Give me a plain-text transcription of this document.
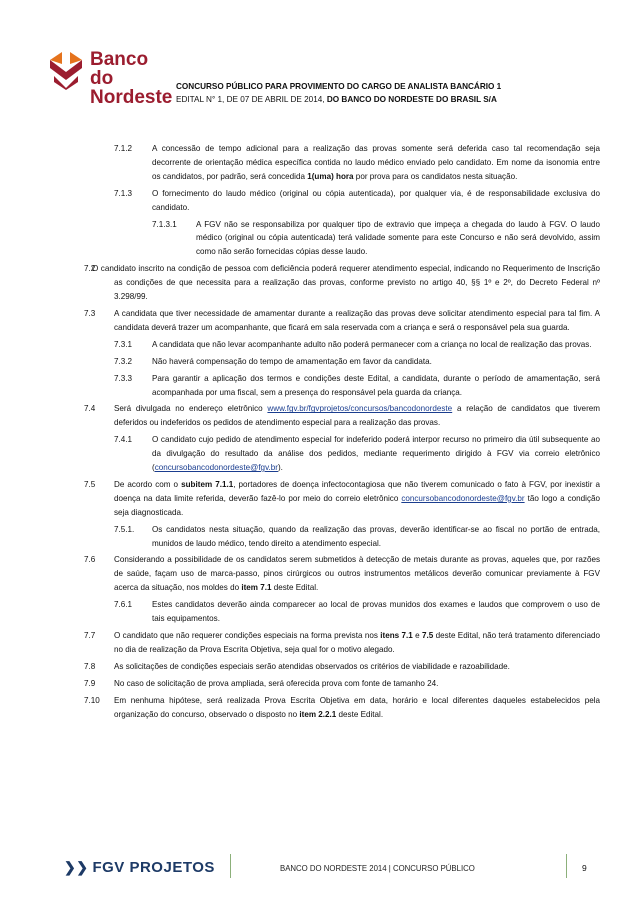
Banco do
Nordeste
CONCURSO PÚBLICO PARA PROVIMENTO DO CARGO DE ANALISTA BANCÁRIO 1
EDITAL N° 1, DE 07 DE ABRIL DE 2014, DO BANCO DO NORDESTE DO BRASIL S/A
7.1.2	A concessão de tempo adicional para a realização das provas somente será deferida caso tal recomendação seja decorrente de orientação médica específica contida no laudo médico enviado pelo candidato. Em nome da isonomia entre os candidatos, por padrão, será concedida 1(uma) hora por prova para os candidatos nesta situação.
7.1.3	O fornecimento do laudo médico (original ou cópia autenticada), por qualquer via, é de responsabilidade exclusiva do candidato.
7.1.3.1	A FGV não se responsabiliza por qualquer tipo de extravio que impeça a chegada do laudo à FGV. O laudo médico (original ou cópia autenticada) terá validade somente para este Concurso e não será devolvido, assim como não serão fornecidas cópias desse laudo.
7.2
O candidato inscrito na condição de pessoa com deficiência poderá requerer atendimento especial, indicando no Requerimento de Inscrição as condições de que necessita para a realização das provas, conforme previsto no artigo 40, §§ 1º e 2º, do Decreto Federal nº 3.298/99.
7.3	A candidata que tiver necessidade de amamentar durante a realização das provas deve solicitar atendimento especial para tal fim. A candidata deverá trazer um acompanhante, que ficará em sala reservada com a criança e será o responsável pela sua guarda.
7.3.1	A candidata que não levar acompanhante adulto não poderá permanecer com a criança no local de realização das provas.
7.3.2	Não haverá compensação do tempo de amamentação em favor da candidata.
7.3.3	Para garantir a aplicação dos termos e condições deste Edital, a candidata, durante o período de amamentação, será acompanhada por uma fiscal, sem a presença do responsável pela guarda da criança.
7.4	Será divulgada no endereço eletrônico www.fgv.br/fgvprojetos/concursos/bancodonordeste a relação de candidatos que tiverem deferidos ou indeferidos os pedidos de atendimento especial para a realização das provas.
7.4.1	O candidato cujo pedido de atendimento especial for indeferido poderá interpor recurso no primeiro dia útil subsequente ao da divulgação do resultado da análise dos pedidos, mediante requerimento dirigido à FGV via correio eletrônico (concursobancodonordeste@fgv.br).
7.5	De acordo com o subitem 7.1.1, portadores de doença infectocontagiosa que não tiverem comunicado o fato à FGV, por inexistir a doença na data limite referida, deverão fazê-lo por meio do correio eletrônico concursobancodonordeste@fgv.br tão logo a condição seja diagnosticada.
7.5.1.	Os candidatos nesta situação, quando da realização das provas, deverão identificar-se ao fiscal no portão de entrada, munidos de laudo médico, tendo direito a atendimento especial.
7.6	Considerando a possibilidade de os candidatos serem submetidos à detecção de metais durante as provas, aqueles que, por razões de saúde, façam uso de marca-passo, pinos cirúrgicos ou outros instrumentos metálicos deverão comunicar previamente à FGV acerca da situação, nos moldes do item 7.1 deste Edital.
7.6.1	Estes candidatos deverão ainda comparecer ao local de provas munidos dos exames e laudos que comprovem o uso de tais equipamentos.
7.7	O candidato que não requerer condições especiais na forma prevista nos itens 7.1 e 7.5 deste Edital, não terá tratamento diferenciado no dia de realização da Prova Escrita Objetiva, seja qual for o motivo alegado.
7.8	As solicitações de condições especiais serão atendidas observados os critérios de viabilidade e razoabilidade.
7.9	No caso de solicitação de prova ampliada, será oferecida prova com fonte de tamanho 24.
7.10	Em nenhuma hipótese, será realizada Prova Escrita Objetiva em data, horário e local diferentes daqueles estabelecidos pela organização do concurso, observado o disposto no item 2.2.1 deste Edital.
❯❯ FGV PROJETOS	BANCO DO NORDESTE 2014 | CONCURSO PÚBLICO	9
